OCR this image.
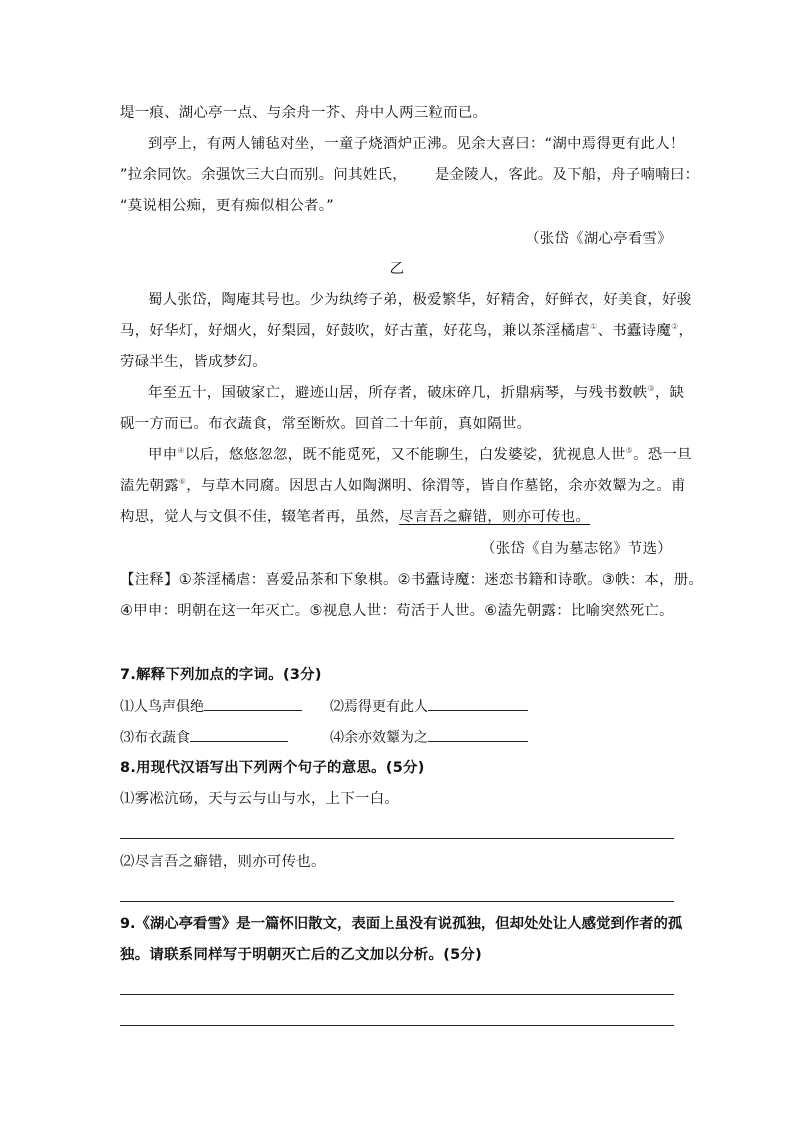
堤一痕、湖心亭一点、与余舟一芥、舟中人两三粒而已。
到亭上，有两人铺毡对坐，一童子烧酒炉正沸。见余大喜曰：“湖中焉得更有此人！
”拉余同饮。余强饮三大白而别。问其姓氏， 是金陵人，客此。及下船，舟子喃喃曰：
“莫说相公痴，更有痴似相公者。”
（张岱《湖心亭看雪》
乙
蜀人张岱，陶庵其号也。少为纨绔子弟，极爱繁华，好精舍，好鲜衣，好美食，好骏
马，好华灯，好烟火，好梨园，好鼓吹，好古董，好花鸟，兼以茶淫橘虐①、书蠹诗魔②，
劳碌半生，皆成梦幻。
年至五十，国破家亡，避迹山居，所存者，破床碎几，折鼎病琴，与残书数帙③，缺
砚一方而已。布衣蔬食，常至断炊。回首二十年前，真如隔世。
甲申④以后，悠悠忽忽，既不能觅死，又不能聊生，白发婆娑，犹视息人世⑤。恐一旦
溘先朝露⑥，与草木同腐。因思古人如陶渊明、徐渭等，皆自作墓铭，余亦效颦为之。甫
构思，觉人与文俱不佳，辍笔者再，虽然，尽言吾之癖错，则亦可传也。
（张岱《自为墓志铭》节选）
【注释】①茶淫橘虐：喜爱品茶和下象棋。②书蠹诗魔：迷恋书籍和诗歌。③帙：本，册。
④甲申：明朝在这一年灭亡。⑤视息人世：苟活于人世。⑥溘先朝露：比喻突然死亡。
7.解释下列加点的字词。(3分)
⑴人鸟声俱绝	⑵焉得更有此人
⑶布衣蔬食	⑷余亦效颦为之
8.用现代汉语写出下列两个句子的意思。(5分)
⑴雾凇沆砀，天与云与山与水，上下一白。
⑵尽言吾之癖错，则亦可传也。
9.《湖心亭看雪》是一篇怀旧散文，表面上虽没有说孤独，但却处处让人感觉到作者的孤
独。请联系同样写于明朝灭亡后的乙文加以分析。(5分)
